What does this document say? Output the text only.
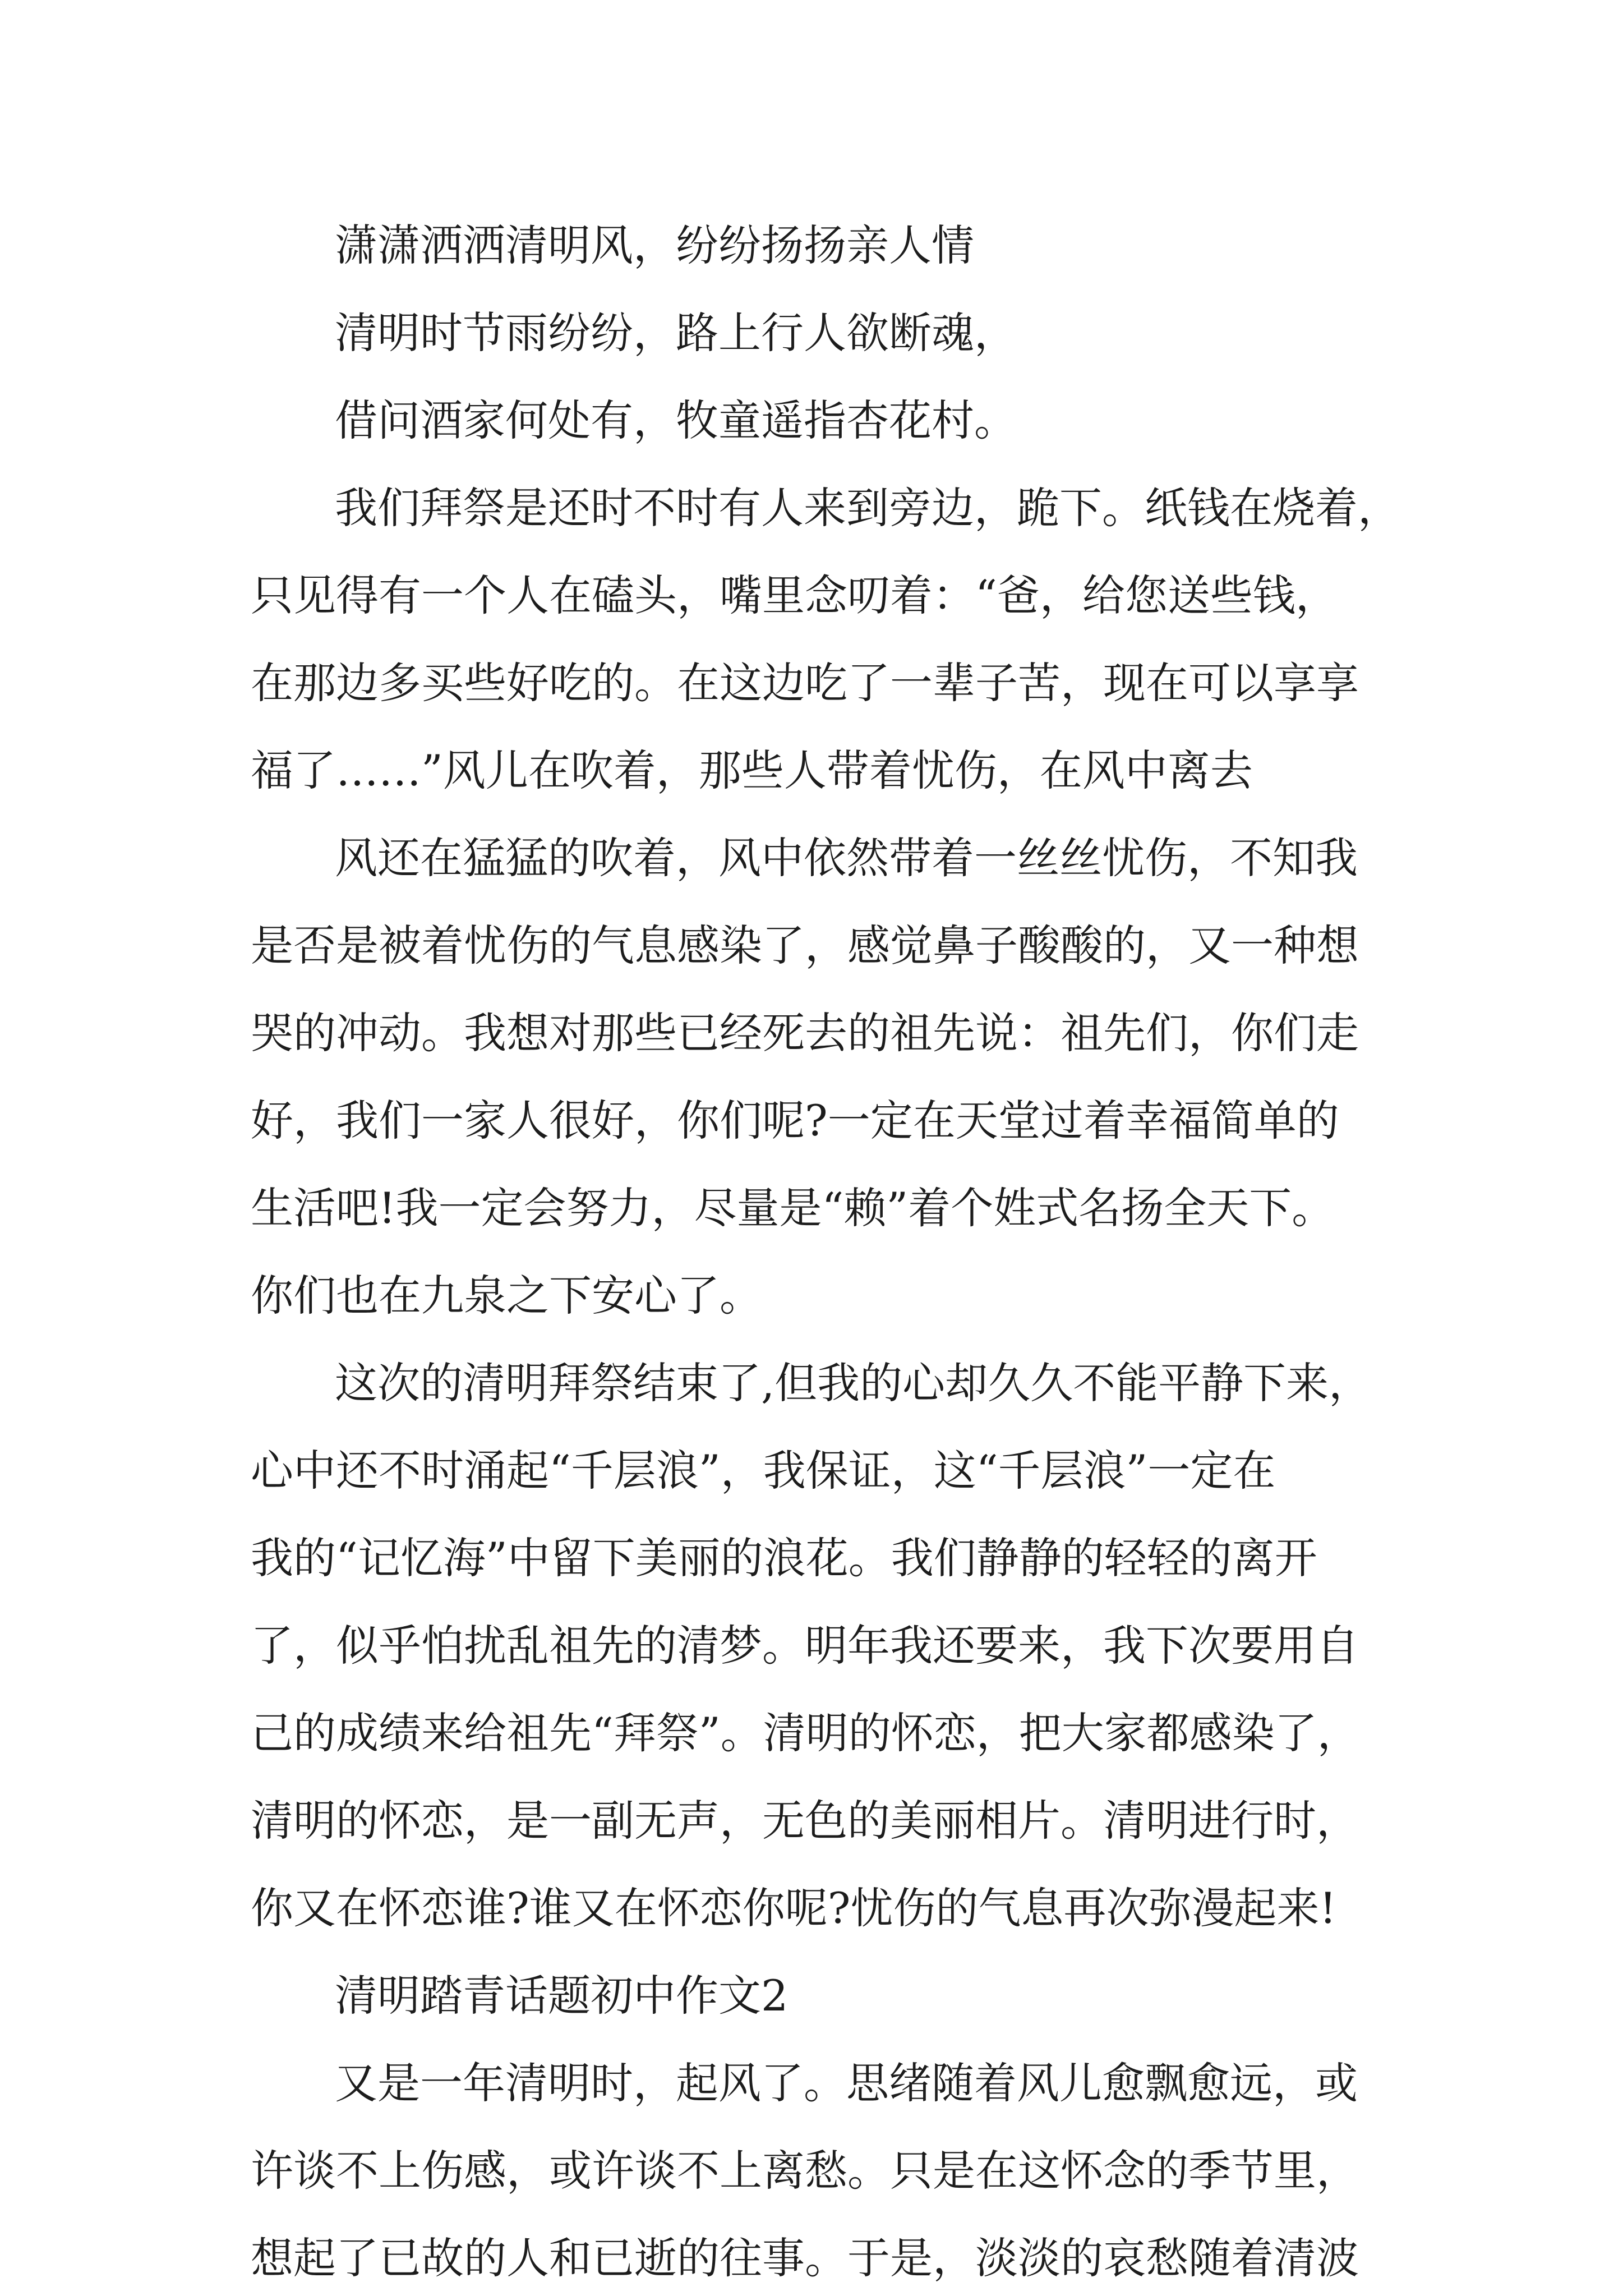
潇潇洒洒清明风，纷纷扬扬亲人情

清明时节雨纷纷，路上行人欲断魂，

借问酒家何处有，牧童遥指杏花村。

我们拜祭是还时不时有人来到旁边，跪下。纸钱在烧着，

只见得有一个人在磕头，嘴里念叨着：“爸，给您送些钱，

在那边多买些好吃的。在这边吃了一辈子苦，现在可以享享

福了……”风儿在吹着，那些人带着忧伤，在风中离去

风还在猛猛的吹着，风中依然带着一丝丝忧伤，不知我

是否是被着忧伤的气息感染了，感觉鼻子酸酸的，又一种想

哭的冲动。我想对那些已经死去的祖先说：祖先们，你们走

好，我们一家人很好，你们呢?一定在天堂过着幸福简单的

生活吧!我一定会努力，尽量是“赖”着个姓式名扬全天下。

你们也在九泉之下安心了。

这次的清明拜祭结束了,但我的心却久久不能平静下来，

心中还不时涌起“千层浪”，我保证，这“千层浪”一定在

我的“记忆海”中留下美丽的浪花。我们静静的轻轻的离开

了，似乎怕扰乱祖先的清梦。明年我还要来，我下次要用自

己的成绩来给祖先“拜祭”。清明的怀恋，把大家都感染了，

清明的怀恋，是一副无声，无色的美丽相片。清明进行时，

你又在怀恋谁?谁又在怀恋你呢?忧伤的气息再次弥漫起来!

清明踏青话题初中作文2

又是一年清明时，起风了。思绪随着风儿愈飘愈远，或

许谈不上伤感，或许谈不上离愁。只是在这怀念的季节里，

想起了已故的人和已逝的往事。于是，淡淡的哀愁随着清波
